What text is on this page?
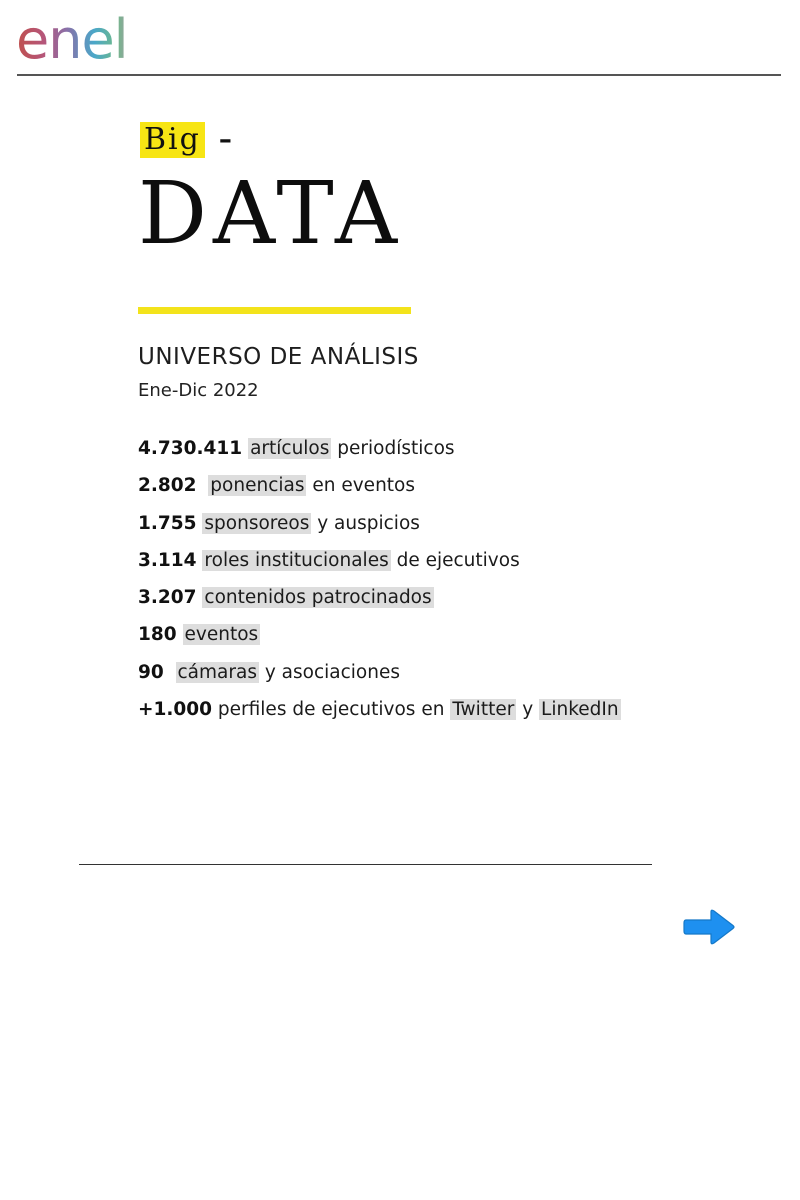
enel
Big –
DATA
UNIVERSO DE ANÁLISIS
Ene-Dic 2022
4.730.411 artículos periodísticos
2.802 ponencias en eventos
1.755 sponsoreos y auspicios
3.114 roles institucionales de ejecutivos
3.207 contenidos patrocinados
180 eventos
90 cámaras y asociaciones
+1.000 perfiles de ejecutivos en Twitter y LinkedIn
